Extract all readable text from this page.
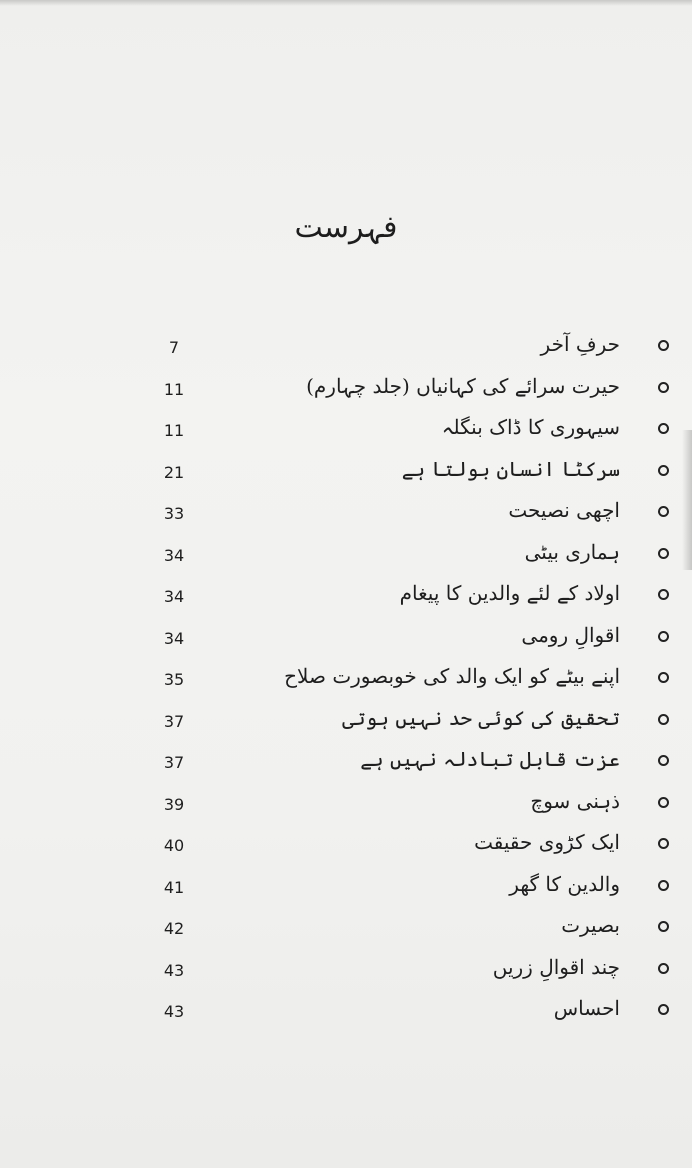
فہرست
7	حرفِ آخر
11	حیرت سرائے کی کہانیاں (جلد چہارم)
11	سیہوری کا ڈاک بنگلہ
21	سرکٹا انسان بولتا ہے
33	اچھی نصیحت
34	ہماری بیٹی
34	اولاد کے لئے والدین کا پیغام
34	اقوالِ رومی
35	اپنے بیٹے کو ایک والد کی خوبصورت صلاح
37	تحقیق کی کوئی حد نہیں ہوتی
37	عزت قابل تبادلہ نہیں ہے
39	ذہنی سوچ
40	ایک کڑوی حقیقت
41	والدین کا گھر
42	بصیرت
43	چند اقوالِ زریں
43	احساس
